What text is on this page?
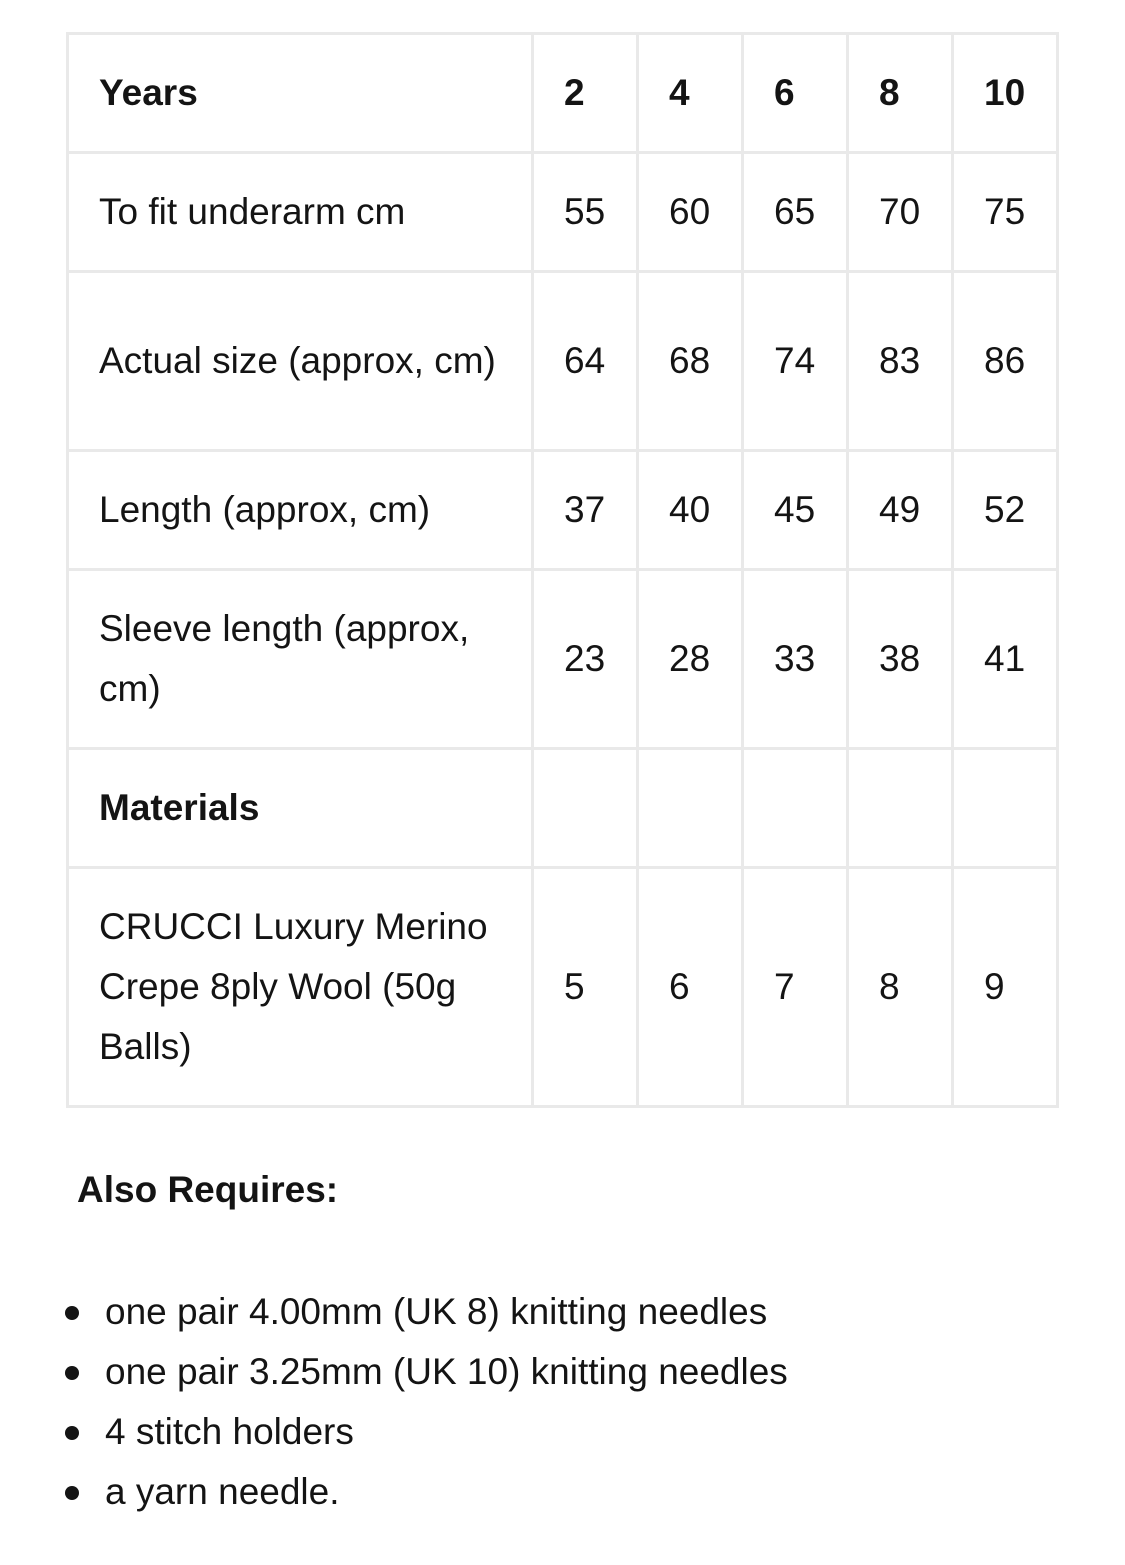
Years	2	4	6	8	10
To fit underarm cm	55	60	65	70	75
Actual size (approx, cm)	64	68	74	83	86
Length (approx, cm)	37	40	45	49	52
Sleeve length (approx, cm)	23	28	33	38	41
Materials					
CRUCCI Luxury Merino Crepe 8ply Wool (50g Balls)	5	6	7	8	9
Also Requires:
one pair 4.00mm (UK 8) knitting needles
one pair 3.25mm (UK 10) knitting needles
4 stitch holders
a yarn needle.
